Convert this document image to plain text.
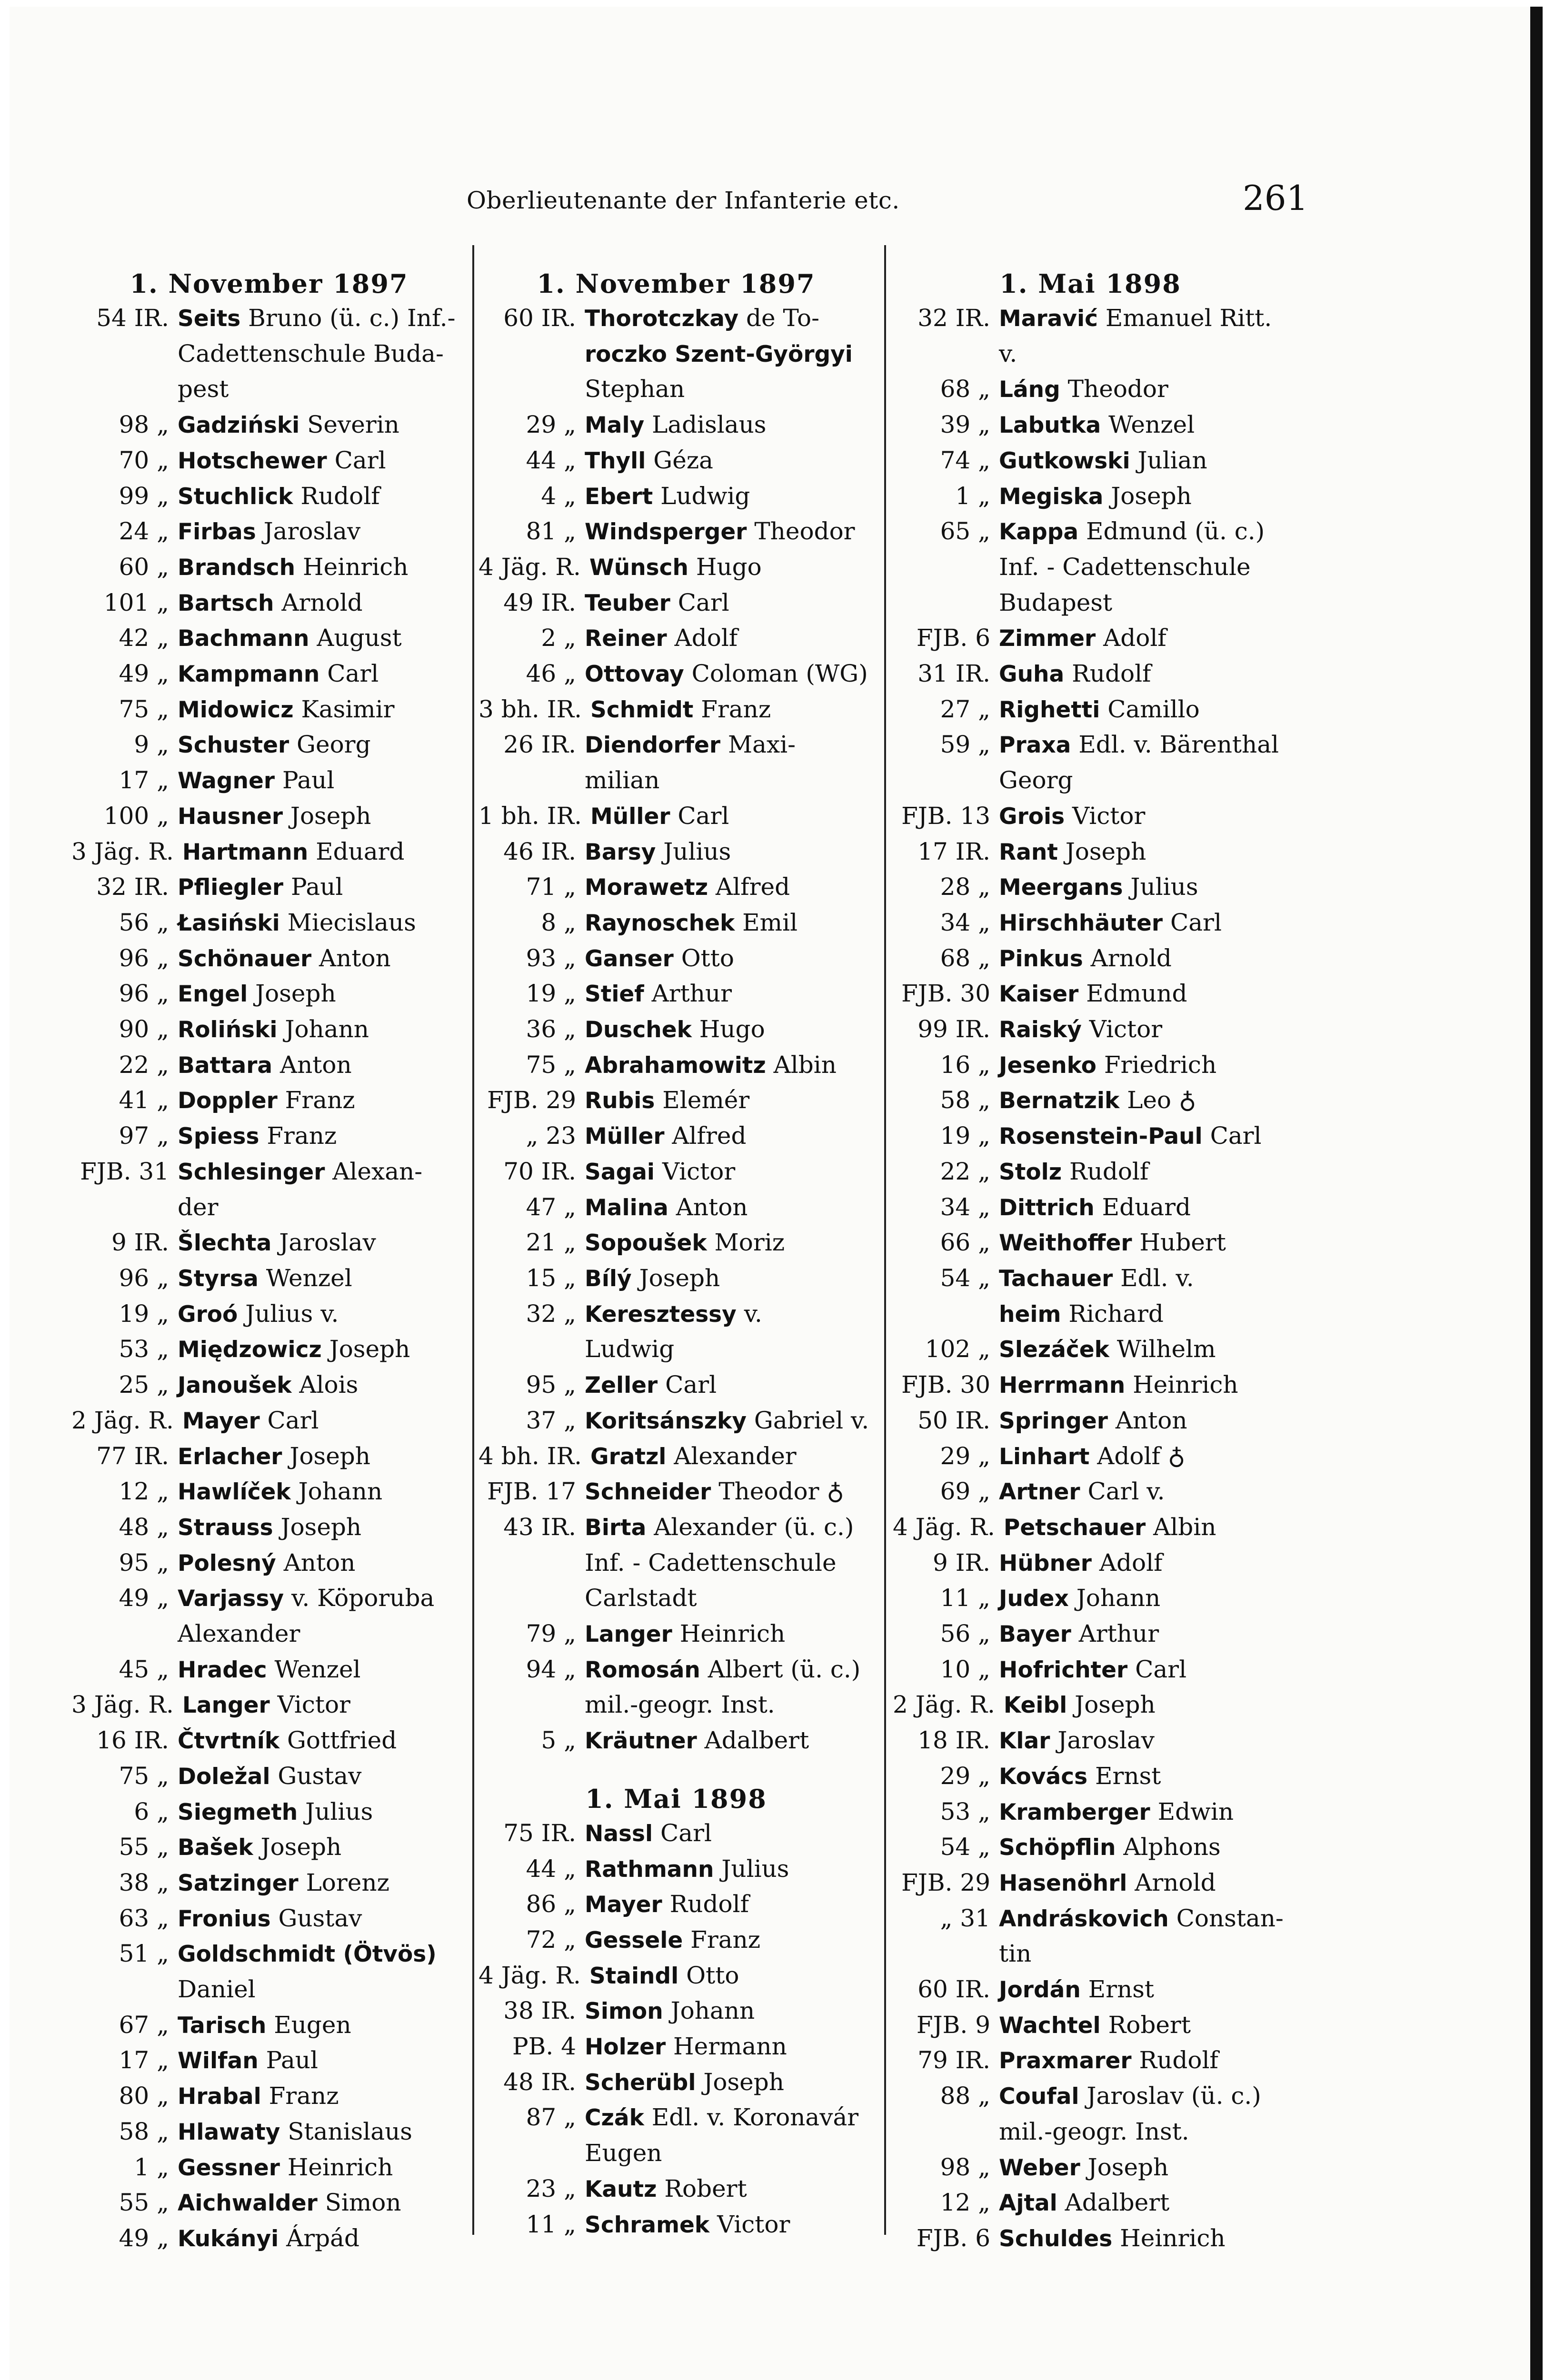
Oberlieutenante der Infanterie etc.	261
1. November 1897
54 IR. Seits Bruno (ü. c.) Inf.-
Cadettenschule Buda-
pest
98 „ Gadziński Severin
70 „ Hotschewer Carl
99 „ Stuchlick Rudolf
24 „ Firbas Jaroslav
60 „ Brandsch Heinrich
101 „ Bartsch Arnold
42 „ Bachmann August
49 „ Kampmann Carl
75 „ Midowicz Kasimir
9 „ Schuster Georg
17 „ Wagner Paul
100 „ Hausner Joseph
3 Jäg. R. Hartmann Eduard
32 IR. Pfliegler Paul
56 „ Łasiński Miecislaus
96 „ Schönauer Anton
96 „ Engel Joseph
90 „ Roliński Johann
22 „ Battara Anton
41 „ Doppler Franz
97 „ Spiess Franz
FJB. 31 Schlesinger Alexan-
der
9 IR. Šlechta Jaroslav
96 „ Styrsa Wenzel
19 „ Groó Julius v.
53 „ Międzowicz Joseph
25 „ Janoušek Alois
2 Jäg. R. Mayer Carl
77 IR. Erlacher Joseph
12 „ Hawlíček Johann
48 „ Strauss Joseph
95 „ Polesný Anton
49 „ Varjassy v. Köporuba
Alexander
45 „ Hradec Wenzel
3 Jäg. R. Langer Victor
16 IR. Čtvrtník Gottfried
75 „ Doležal Gustav
6 „ Siegmeth Julius
55 „ Bašek Joseph
38 „ Satzinger Lorenz
63 „ Fronius Gustav
51 „ Goldschmidt (Ötvös)
Daniel
67 „ Tarisch Eugen
17 „ Wilfan Paul
80 „ Hrabal Franz
58 „ Hlawaty Stanislaus
1 „ Gessner Heinrich
55 „ Aichwalder Simon
49 „ Kukányi Árpád
1. November 1897
60 IR. Thorotczkay de To-
roczko Szent-Györgyi
Stephan
29 „ Maly Ladislaus
44 „ Thyll Géza
4 „ Ebert Ludwig
81 „ Windsperger Theodor
4 Jäg. R. Wünsch Hugo
49 IR. Teuber Carl
2 „ Reiner Adolf
46 „ Ottovay Coloman (WG)
3 bh. IR. Schmidt Franz
26 IR. Diendorfer Maxi-
milian
1 bh. IR. Müller Carl
46 IR. Barsy Julius
71 „ Morawetz Alfred
8 „ Raynoschek Emil
93 „ Ganser Otto
19 „ Stief Arthur
36 „ Duschek Hugo
75 „ Abrahamowitz Albin
FJB. 29 Rubis Elemér
„ 23 Müller Alfred
70 IR. Sagai Victor
47 „ Malina Anton
21 „ Sopoušek Moriz
15 „ Bílý Joseph
32 „ Keresztessy v.
Ludwig
95 „ Zeller Carl
37 „ Koritsánszky Gabriel v.
4 bh. IR. Gratzl Alexander
FJB. 17 Schneider Theodor ♁
43 IR. Birta Alexander (ü. c.)
Inf. - Cadettenschule
Carlstadt
79 „ Langer Heinrich
94 „ Romosán Albert (ü. c.)
mil.-geogr. Inst.
5 „ Kräutner Adalbert
1. Mai 1898
75 IR. Nassl Carl
44 „ Rathmann Julius
86 „ Mayer Rudolf
72 „ Gessele Franz
4 Jäg. R. Staindl Otto
38 IR. Simon Johann
PB. 4 Holzer Hermann
48 IR. Scherübl Joseph
87 „ Czák Edl. v. Koronavár
Eugen
23 „ Kautz Robert
11 „ Schramek Victor
1. Mai 1898
32 IR. Maravić Emanuel Ritt.
v.
68 „ Láng Theodor
39 „ Labutka Wenzel
74 „ Gutkowski Julian
1 „ Megiska Joseph
65 „ Kappa Edmund (ü. c.)
Inf. - Cadettenschule
Budapest
FJB. 6 Zimmer Adolf
31 IR. Guha Rudolf
27 „ Righetti Camillo
59 „ Praxa Edl. v. Bärenthal
Georg
FJB. 13 Grois Victor
17 IR. Rant Joseph
28 „ Meergans Julius
34 „ Hirschhäuter Carl
68 „ Pinkus Arnold
FJB. 30 Kaiser Edmund
99 IR. Raiský Victor
16 „ Jesenko Friedrich
58 „ Bernatzik Leo ♁
19 „ Rosenstein-Paul Carl
22 „ Stolz Rudolf
34 „ Dittrich Eduard
66 „ Weithoffer Hubert
54 „ Tachauer Edl. v.
heim Richard
102 „ Slezáček Wilhelm
FJB. 30 Herrmann Heinrich
50 IR. Springer Anton
29 „ Linhart Adolf ♁
69 „ Artner Carl v.
4 Jäg. R. Petschauer Albin
9 IR. Hübner Adolf
11 „ Judex Johann
56 „ Bayer Arthur
10 „ Hofrichter Carl
2 Jäg. R. Keibl Joseph
18 IR. Klar Jaroslav
29 „ Kovács Ernst
53 „ Kramberger Edwin
54 „ Schöpflin Alphons
FJB. 29 Hasenöhrl Arnold
„ 31 Andráskovich Constan-
tin
60 IR. Jordán Ernst
FJB. 9 Wachtel Robert
79 IR. Praxmarer Rudolf
88 „ Coufal Jaroslav (ü. c.)
mil.-geogr. Inst.
98 „ Weber Joseph
12 „ Ajtal Adalbert
FJB. 6 Schuldes Heinrich
